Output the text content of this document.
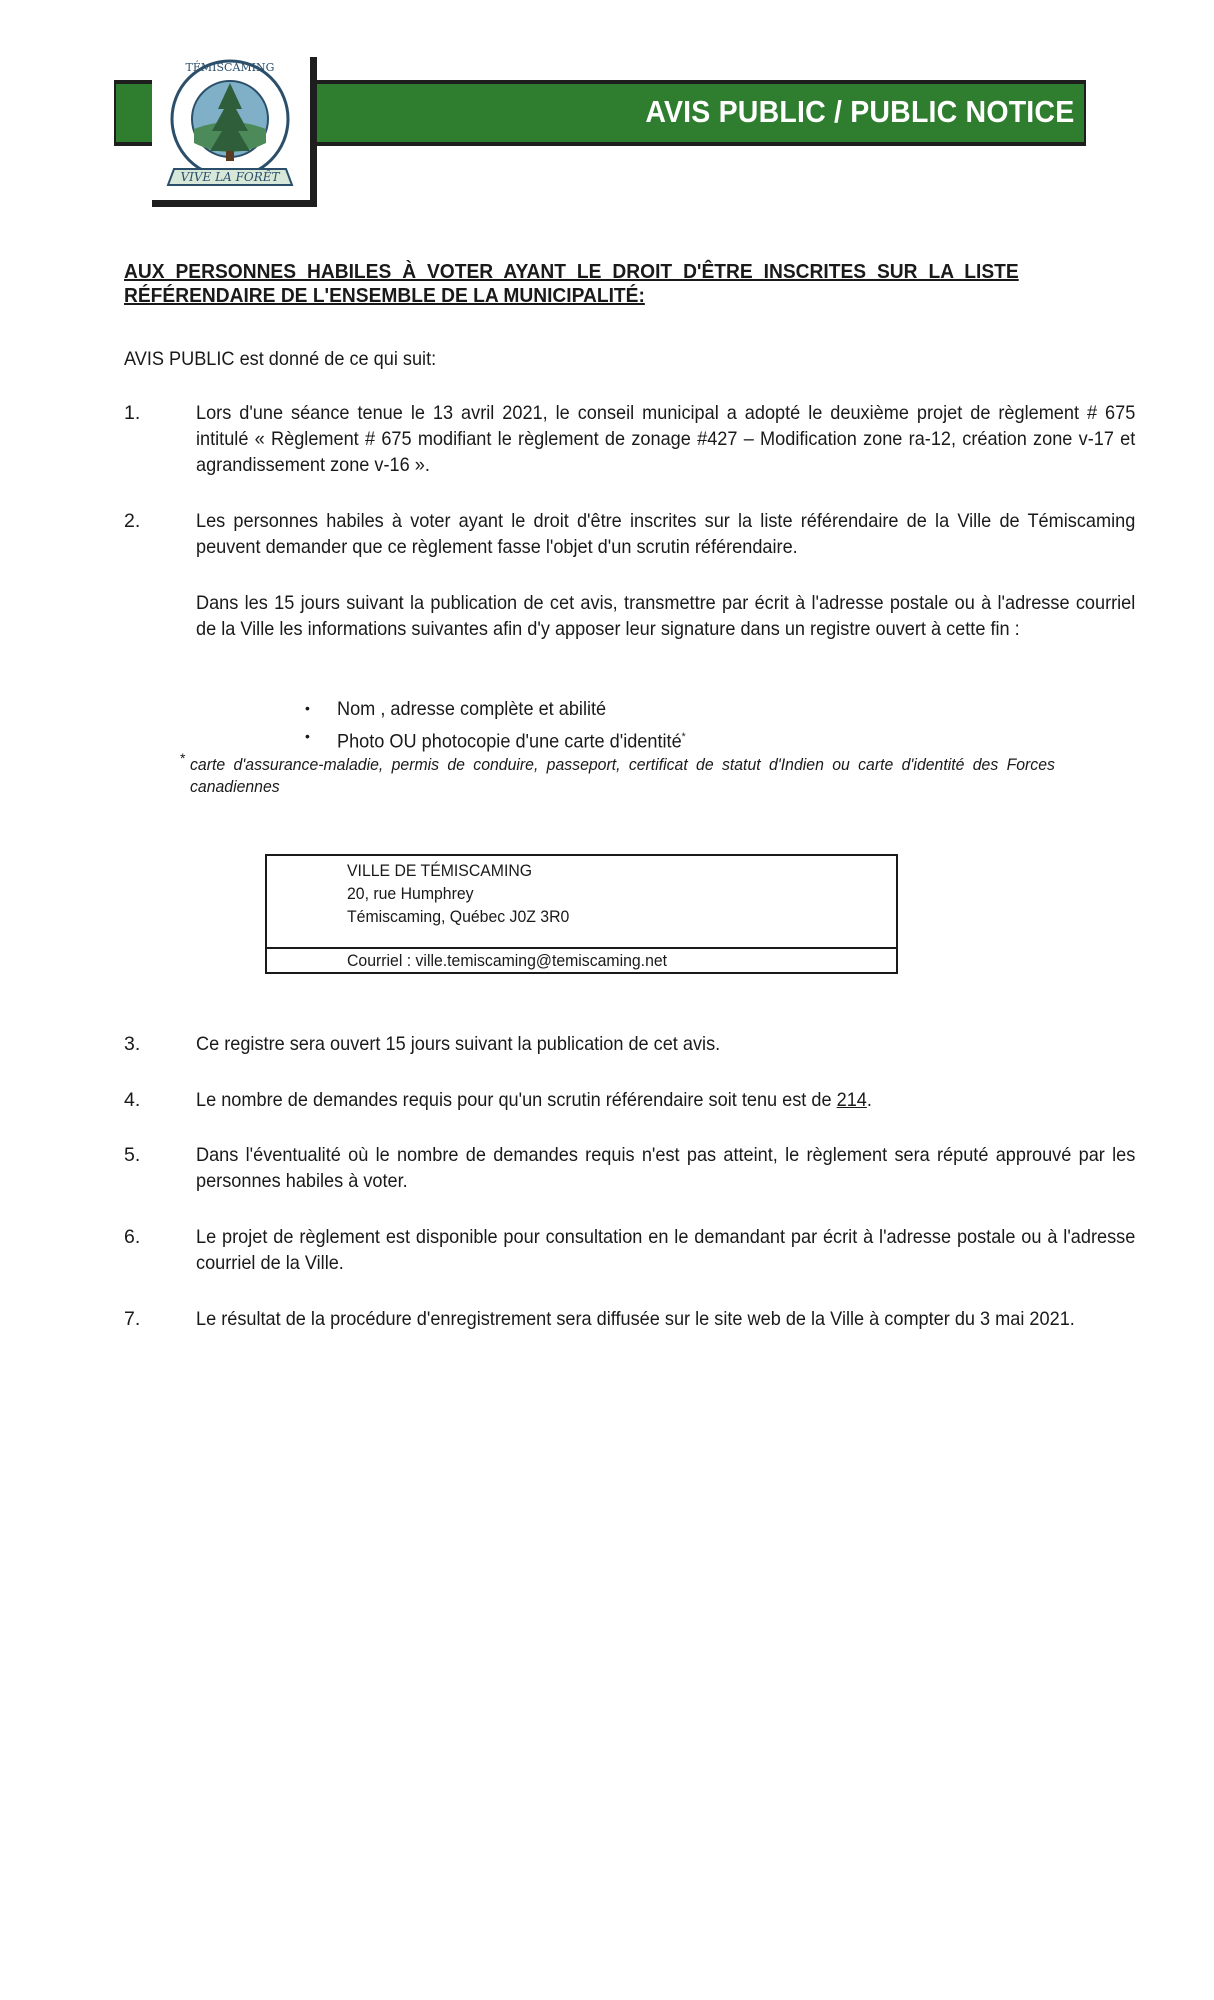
AVIS PUBLIC / PUBLIC NOTICE
TÉMISCAMING
VIVE LA FORÊT
AUX PERSONNES HABILES À VOTER AYANT LE DROIT D'ÊTRE INSCRITES SUR LA LISTE RÉFÉRENDAIRE DE L'ENSEMBLE DE LA MUNICIPALITÉ:
AVIS PUBLIC est donné de ce qui suit:
1.	Lors d'une séance tenue le 13 avril 2021, le conseil municipal a adopté le deuxième projet de règlement # 675 intitulé « Règlement # 675 modifiant le règlement de zonage #427 – Modification zone ra-12, création zone v-17 et agrandissement zone v-16 ».
2.	Les personnes habiles à voter ayant le droit d'être inscrites sur la liste référendaire de la Ville de Témiscaming peuvent demander que ce règlement fasse l'objet d'un scrutin référendaire.
Dans les 15 jours suivant la publication de cet avis, transmettre par écrit à l'adresse postale ou à l'adresse courriel de la Ville les informations suivantes afin d'y apposer leur signature dans un registre ouvert à cette fin :
• Nom , adresse complète et abilité
• Photo OU photocopie d'une carte d'identité*
* carte d'assurance-maladie, permis de conduire, passeport, certificat de statut d'Indien ou carte d'identité des Forces canadiennes
VILLE DE TÉMISCAMING
20, rue Humphrey
Témiscaming, Québec J0Z 3R0
Courriel : ville.temiscaming@temiscaming.net
3.	Ce registre sera ouvert 15 jours suivant la publication de cet avis.
4.	Le nombre de demandes requis pour qu'un scrutin référendaire soit tenu est de 214.
5.	Dans l'éventualité où le nombre de demandes requis n'est pas atteint, le règlement sera réputé approuvé par les personnes habiles à voter.
6.	Le projet de règlement est disponible pour consultation en le demandant par écrit à l'adresse postale ou à l'adresse courriel de la Ville.
7.	Le résultat de la procédure d'enregistrement sera diffusée sur le site web de la Ville à compter du 3 mai 2021.
